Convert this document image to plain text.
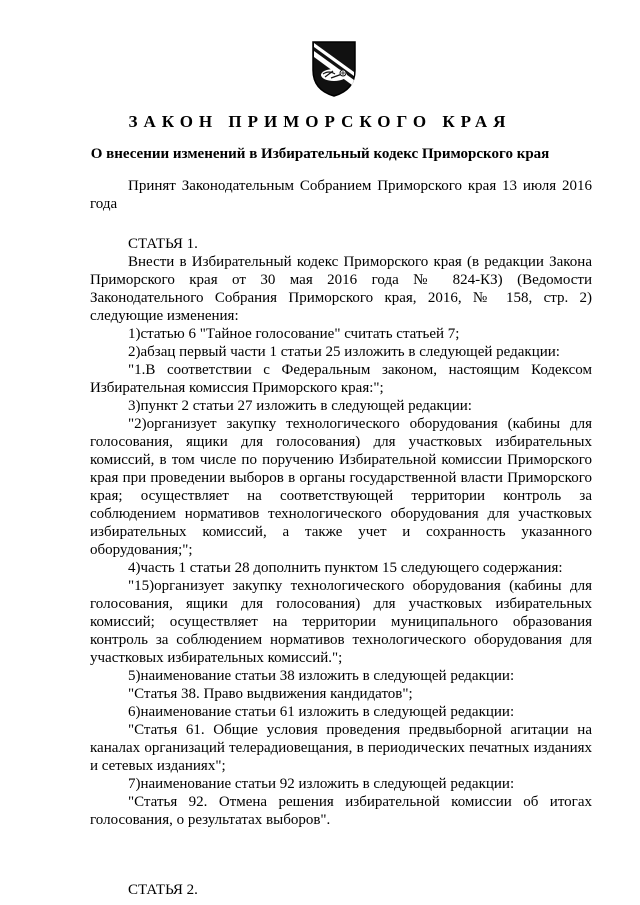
ЗАКОН ПРИМОРСКОГО КРАЯ
О внесении изменений в Избирательный кодекс Приморского края

Принят Законодательным Собранием Приморского края 13 июля 2016 года

СТАТЬЯ 1.

Внести в Избирательный кодекс Приморского края (в редакции Закона Приморского края от 30 мая 2016 года № 824-КЗ) (Ведомости Законодательного Собрания Приморского края, 2016, № 158, стр. 2) следующие изменения:

1)статью 6 "Тайное голосование" считать статьей 7;

2)абзац первый части 1 статьи 25 изложить в следующей редакции:

"1.В соответствии с Федеральным законом, настоящим Кодексом Избирательная комиссия Приморского края:";

3)пункт 2 статьи 27 изложить в следующей редакции:

"2)организует закупку технологического оборудования (кабины для голосования, ящики для голосования) для участковых избирательных комиссий, в том числе по поручению Избирательной комиссии Приморского края при проведении выборов в органы государственной власти Приморского края; осуществляет на соответствующей территории контроль за соблюдением нормативов технологического оборудования для участковых избирательных комиссий, а также учет и сохранность указанного оборудования;";

4)часть 1 статьи 28 дополнить пунктом 15 следующего содержания:

"15)организует закупку технологического оборудования (кабины для голосования, ящики для голосования) для участковых избирательных комиссий; осуществляет на территории муниципального образования контроль за соблюдением нормативов технологического оборудования для участковых избирательных комиссий.";

5)наименование статьи 38 изложить в следующей редакции:

"Статья 38. Право выдвижения кандидатов";

6)наименование статьи 61 изложить в следующей редакции:

"Статья 61. Общие условия проведения предвыборной агитации на каналах организаций телерадиовещания, в периодических печатных изданиях и сетевых изданиях";

7)наименование статьи 92 изложить в следующей редакции:

"Статья 92. Отмена решения избирательной комиссии об итогах голосования, о результатах выборов".

СТАТЬЯ 2.
